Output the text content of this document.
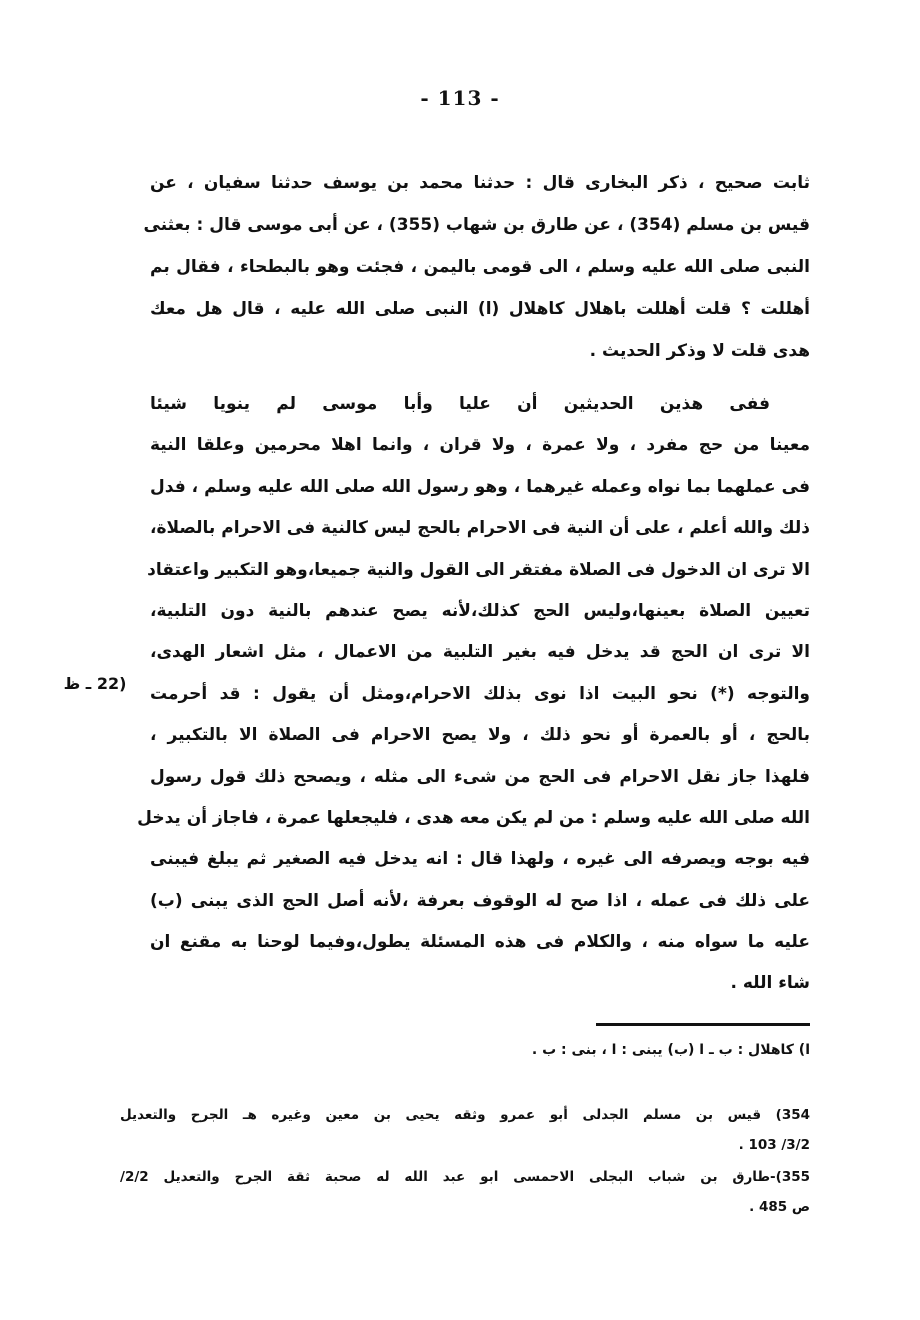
- 113 -
ثابت صحيح ، ذكر البخارى قال : حدثنا محمد بن يوسف حدثنا سفيان ، عن
قيس بن مسلم (354) ، عن طارق بن شهاب (355) ، عن أبى موسى قال : بعثنى
النبى صلى الله عليه وسلم ، الى قومى باليمن ، فجئت وهو بالبطحاء ، فقال بم
أهللت ؟ قلت أهللت باهلال كاهلال (ا) النبى صلى الله عليه ، قال هل معك
هدى قلت لا وذكر الحديث .
ففى هذين الحديثين أن عليا وأبا موسى لم ينويا شيئا
معينا من حج مفرد ، ولا عمرة ، ولا قران ، وانما اهلا محرمين وعلقا النية
فى عملهما بما نواه وعمله غيرهما ، وهو رسول الله صلى الله عليه وسلم ، فدل
ذلك والله أعلم ، على أن النية فى الاحرام بالحج ليس كالنية فى الاحرام بالصلاة،
الا ترى ان الدخول فى الصلاة مفتقر الى القول والنية جميعا،وهو التكبير واعتقاد
تعيين الصلاة بعينها،وليس الحج كذلك،لأنه يصح عندهم بالنية دون التلبية،
الا ترى ان الحج قد يدخل فيه بغير التلبية من الاعمال ، مثل اشعار الهدى،
والتوجه (*) نحو البيت اذا نوى بذلك الاحرام،ومثل أن يقول : قد أحرمت
بالحج ، أو بالعمرة أو نحو ذلك ، ولا يصح الاحرام فى الصلاة الا بالتكبير ،
فلهذا جاز نقل الاحرام فى الحج من شىء الى مثله ، ويصحح ذلك قول رسول
الله صلى الله عليه وسلم : من لم يكن معه هدى ، فليجعلها عمرة ، فاجاز أن يدخل
فيه بوجه ويصرفه الى غيره ، ولهذا قال : انه يدخل فيه الصغير ثم يبلغ فيبنى
على ذلك فى عمله ، اذا صح له الوقوف بعرفة ،لأنه أصل الحج الذى يبنى (ب)
عليه ما سواه منه ، والكلام فى هذه المسئلة يطول،وفيما لوحنا به مقنع ان
شاء الله .
(22 ـ ظ
ا) كاهلال : ب ـ ا (ب) يبنى : ا ، بنى : ب .
354) قيس بن مسلم الجدلى أبو عمرو وثقه يحيى بن معين وغيره هـ الجرح والتعديل
3/2/ 103 .
355)-طارق بن شباب البجلى الاحمسى ابو عبد الله له صحبة ثقة الجرح والتعديل 2/2/
ص 485 .
